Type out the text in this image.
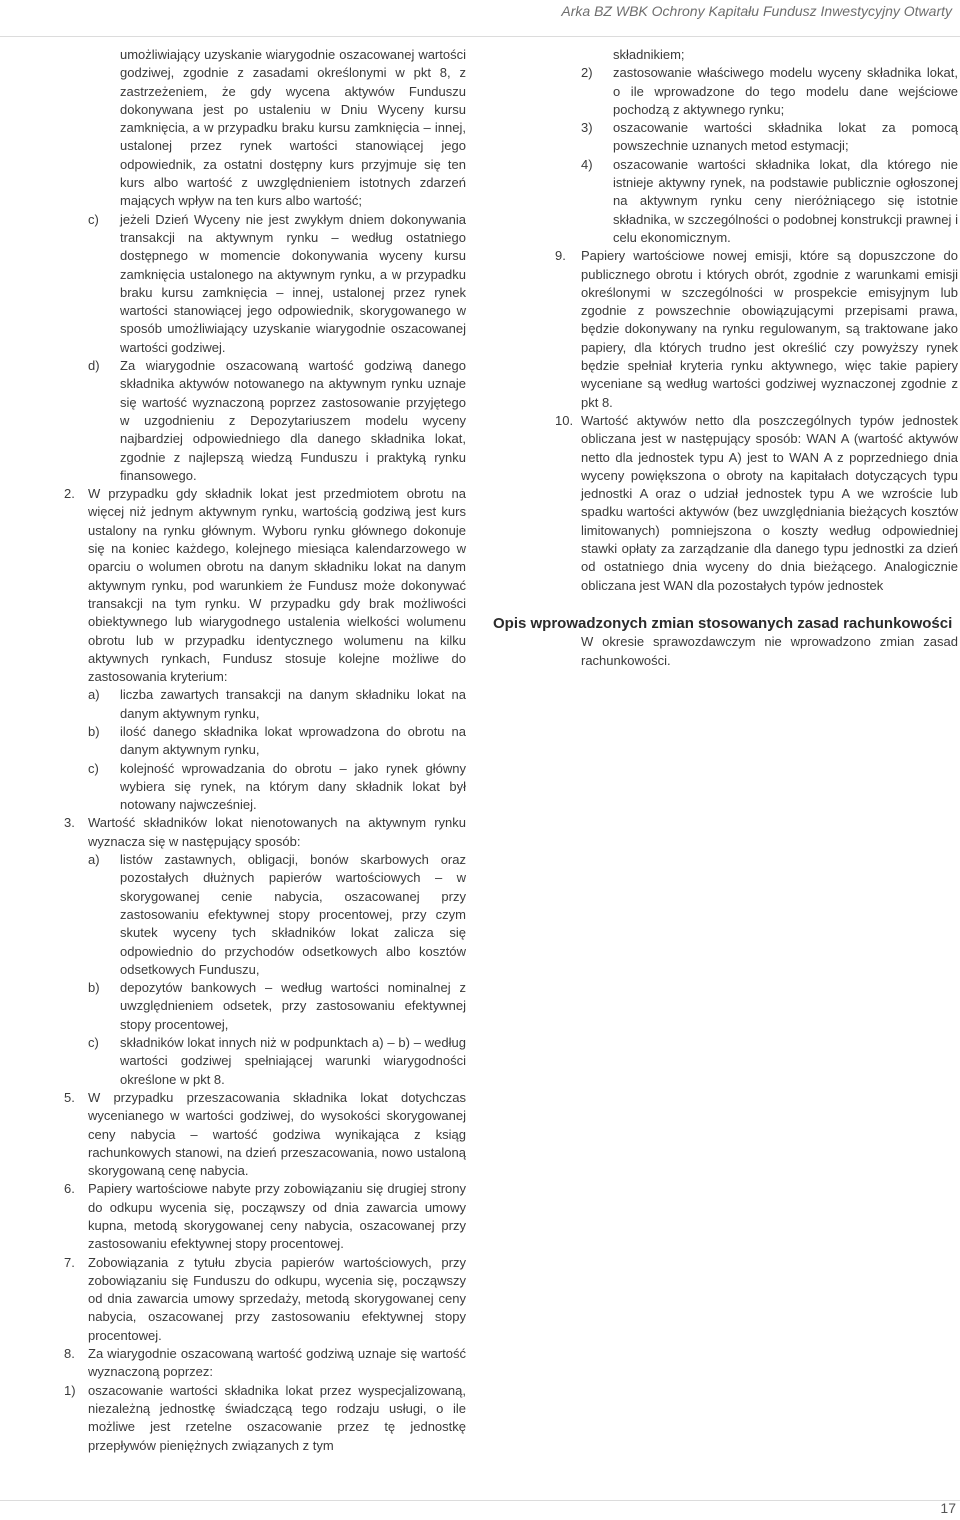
Arka BZ WBK Ochrony Kapitału Fundusz Inwestycyjny Otwarty

umożliwiający uzyskanie wiarygodnie oszacowanej wartości godziwej, zgodnie z zasadami określonymi w pkt 8, z zastrzeżeniem, że gdy wycena aktywów Funduszu dokonywana jest po ustaleniu w Dniu Wyceny kursu zamknięcia, a w przypadku braku kursu zamknięcia – innej, ustalonej przez rynek wartości stanowiącej jego odpowiednik, za ostatni dostępny kurs przyjmuje się ten kurs albo wartość z uwzględnieniem istotnych zdarzeń mających wpływ na ten kurs albo wartość;

c) jeżeli Dzień Wyceny nie jest zwykłym dniem dokonywania transakcji na aktywnym rynku – według ostatniego dostępnego w momencie dokonywania wyceny kursu zamknięcia ustalonego na aktywnym rynku, a w przypadku braku kursu zamknięcia – innej, ustalonej przez rynek wartości stanowiącej jego odpowiednik, skorygowanego w sposób umożliwiający uzyskanie wiarygodnie oszacowanej wartości godziwej.

d) Za wiarygodnie oszacowaną wartość godziwą danego składnika aktywów notowanego na aktywnym rynku uznaje się wartość wyznaczoną poprzez zastosowanie przyjętego w uzgodnieniu z Depozytariuszem modelu wyceny najbardziej odpowiedniego dla danego składnika lokat, zgodnie z najlepszą wiedzą Funduszu i praktyką rynku finansowego.

2. W przypadku gdy składnik lokat jest przedmiotem obrotu na więcej niż jednym aktywnym rynku, wartością godziwą jest kurs ustalony na rynku głównym. Wyboru rynku głównego dokonuje się na koniec każdego, kolejnego miesiąca kalendarzowego w oparciu o wolumen obrotu na danym składniku lokat na danym aktywnym rynku, pod warunkiem że Fundusz może dokonywać transakcji na tym rynku. W przypadku gdy brak możliwości obiektywnego lub wiarygodnego ustalenia wielkości wolumenu obrotu lub w przypadku identycznego wolumenu na kilku aktywnych rynkach, Fundusz stosuje kolejne możliwe do zastosowania kryterium:

a) liczba zawartych transakcji na danym składniku lokat na danym aktywnym rynku,

b) ilość danego składnika lokat wprowadzona do obrotu na danym aktywnym rynku,

c) kolejność wprowadzania do obrotu – jako rynek główny wybiera się rynek, na którym dany składnik lokat był notowany najwcześniej.

3. Wartość składników lokat nienotowanych na aktywnym rynku wyznacza się w następujący sposób:

a) listów zastawnych, obligacji, bonów skarbowych oraz pozostałych dłużnych papierów wartościowych – w skorygowanej cenie nabycia, oszacowanej przy zastosowaniu efektywnej stopy procentowej, przy czym skutek wyceny tych składników lokat zalicza się odpowiednio do przychodów odsetkowych albo kosztów odsetkowych Funduszu,

b) depozytów bankowych – według wartości nominalnej z uwzględnieniem odsetek, przy zastosowaniu efektywnej stopy procentowej,

c) składników lokat innych niż w podpunktach a) – b) – według wartości godziwej spełniającej warunki wiarygodności określone w pkt 8.

5. W przypadku przeszacowania składnika lokat dotychczas wycenianego w wartości godziwej, do wysokości skorygowanej ceny nabycia – wartość godziwa wynikająca z ksiąg rachunkowych stanowi, na dzień przeszacowania, nowo ustaloną skorygowaną cenę nabycia.

6. Papiery wartościowe nabyte przy zobowiązaniu się drugiej strony do odkupu wycenia się, począwszy od dnia zawarcia umowy kupna, metodą skorygowanej ceny nabycia, oszacowanej przy zastosowaniu efektywnej stopy procentowej.

7. Zobowiązania z tytułu zbycia papierów wartościowych, przy zobowiązaniu się Funduszu do odkupu, wycenia się, począwszy od dnia zawarcia umowy sprzedaży, metodą skorygowanej ceny nabycia, oszacowanej przy zastosowaniu efektywnej stopy procentowej.

8. Za wiarygodnie oszacowaną wartość godziwą uznaje się wartość wyznaczoną poprzez:

1) oszacowanie wartości składnika lokat przez wyspecjalizowaną, niezależną jednostkę świadczącą tego rodzaju usługi, o ile możliwe jest rzetelne oszacowanie przez tę jednostkę przepływów pieniężnych związanych z tym

składnikiem;

2) zastosowanie właściwego modelu wyceny składnika lokat, o ile wprowadzone do tego modelu dane wejściowe pochodzą z aktywnego rynku;

3) oszacowanie wartości składnika lokat za pomocą powszechnie uznanych metod estymacji;

4) oszacowanie wartości składnika lokat, dla którego nie istnieje aktywny rynek, na podstawie publicznie ogłoszonej na aktywnym rynku ceny nieróżniącego się istotnie składnika, w szczególności o podobnej konstrukcji prawnej i celu ekonomicznym.

9. Papiery wartościowe nowej emisji, które są dopuszczone do publicznego obrotu i których obrót, zgodnie z warunkami emisji określonymi w szczególności w prospekcie emisyjnym lub zgodnie z powszechnie obowiązującymi przepisami prawa, będzie dokonywany na rynku regulowanym, są traktowane jako papiery, dla których trudno jest określić czy powyższy rynek będzie spełniał kryteria rynku aktywnego, więc takie papiery wyceniane są według wartości godziwej wyznaczonej zgodnie z pkt 8.

10. Wartość aktywów netto dla poszczególnych typów jednostek obliczana jest w następujący sposób: WAN A (wartość aktywów netto dla jednostek typu A) jest to WAN A z poprzedniego dnia wyceny powiększona o obroty na kapitałach dotyczących typu jednostki A oraz o udział jednostek typu A we wzroście lub spadku wartości aktywów (bez uwzględniania bieżących kosztów limitowanych) pomniejszona o koszty według odpowiedniej stawki opłaty za zarządzanie dla danego typu jednostki za dzień od ostatniego dnia wyceny do dnia bieżącego. Analogicznie obliczana jest WAN dla pozostałych typów jednostek

Opis wprowadzonych zmian stosowanych zasad rachunkowości

W okresie sprawozdawczym nie wprowadzono zmian zasad rachunkowości.

17
